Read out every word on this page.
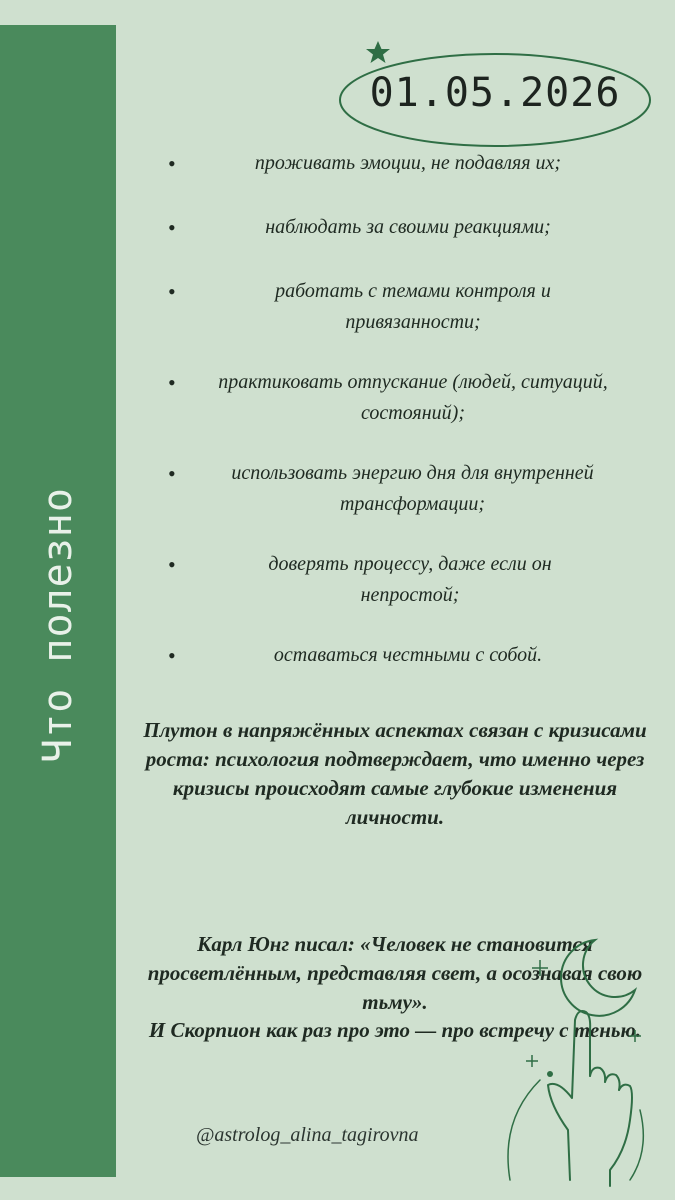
Что полезно
01.05.2026
•	проживать эмоции, не подавляя их;
•	наблюдать за своими реакциями;
•	работать с темами контроля и привязанности;
• практиковать отпускание (людей, ситуаций, состояний);
•	использовать энергию дня для внутренней трансформации;
•	доверять процессу, даже если он непростой;
•	оставаться честными с собой.
Плутон в напряжённых аспектах связан с кризисами роста: психология подтверждает, что именно через кризисы происходят самые глубокие изменения личности.
Карл Юнг писал: «Человек не становится просветлённым, представляя свет, а осознавая свою тьму».
И Скорпион как раз про это — про встречу с тенью.
@astrolog_alina_tagirovna
